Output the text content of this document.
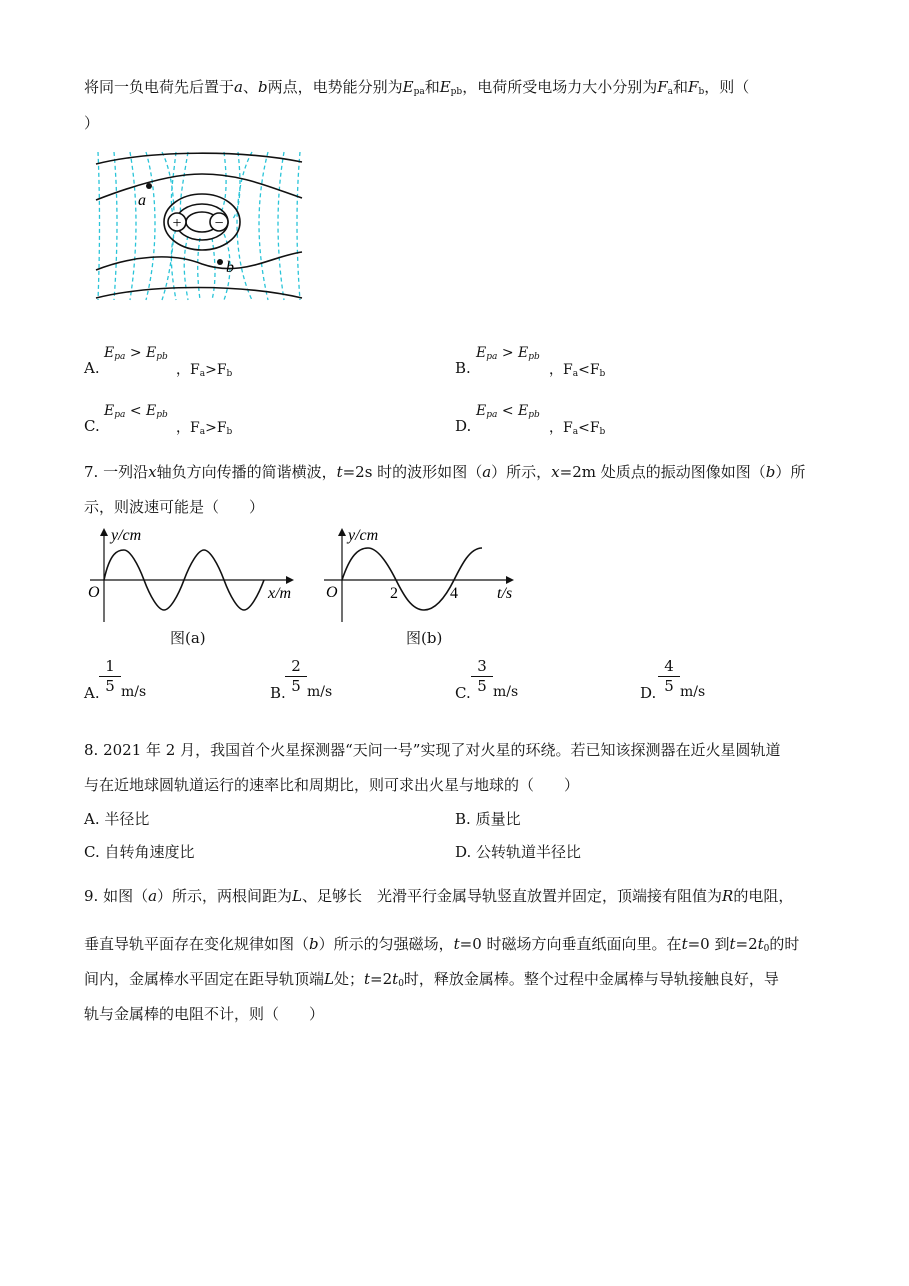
将同一负电荷先后置于a、b两点，电势能分别为$E_{pa}$和$E_{pb}$，电荷所受电场力大小分别为$F_a$和$F_b$，则（
）
+ −
a
b
A.
$E_{pa} > E_{pb}$
，$F_a>F_b$	B.
$E_{pa} > E_{pb}$
，$F_a<F_b$
C.
$E_{pa} < E_{pb}$
，$F_a>F_b$	D.
$E_{pa} < E_{pb}$
，$F_a<F_b$
7. 一列沿x轴负方向传播的简谐横波，t=2s 时的波形如图（a）所示，x=2m 处质点的振动图像如图（b）所
示，则波速可能是（　　）
y/cm
x/m
O
图(a)
y/cm
t/s
O	2	4
图(b)
A.
1
5 m/s	B.
2
5 m/s	C.
3
5 m/s	D.
4
5 m/s
8. 2021 年 2 月，我国首个火星探测器“天问一号”实现了对火星的环绕。若已知该探测器在近火星圆轨道
与在近地球圆轨道运行的速率比和周期比，则可求出火星与地球的（　　）
A. 半径比	B. 质量比
C. 自转角速度比	D. 公转轨道半径比
9. 如图（a）所示，两根间距为L、足够长　光滑平行金属导轨竖直放置并固定，顶端接有阻值为R的电阻，
垂直导轨平面存在变化规律如图（b）所示的匀强磁场，t=0 时磁场方向垂直纸面向里。在t=0 到$t=2t_0$的时
间内，金属棒水平固定在距导轨顶端L处；$t=2t_0$时，释放金属棒。整个过程中金属棒与导轨接触良好，导
轨与金属棒的电阻不计，则（　　）
